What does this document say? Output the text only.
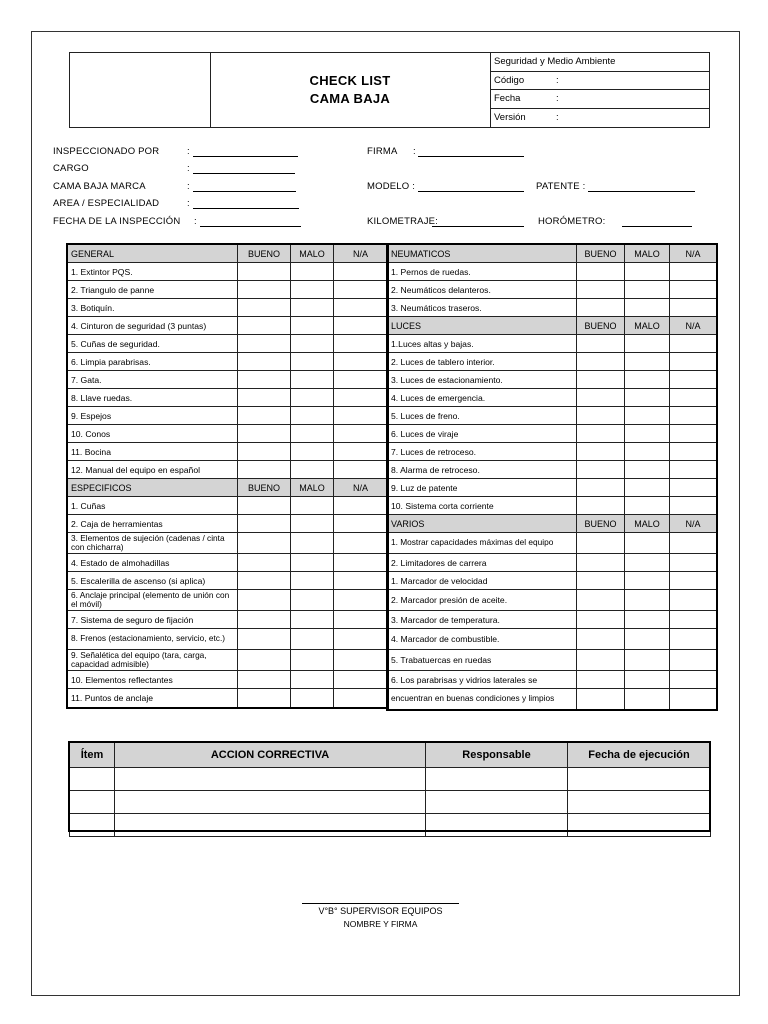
CHECK LIST
CAMA BAJA
Seguridad y Medio Ambiente
Código	:
Fecha	:
Versión	:
INSPECCIONADO POR	:
CARGO	:
CAMA BAJA MARCA	:
AREA / ESPECIALIDAD	:
FECHA DE LA INSPECCIÓN :
FIRMA :
MODELO :	PATENTE :
KILOMETRAJE:	HORÓMETRO:
GENERAL	BUENO	MALO	N/A
1. Extintor PQS.			
2. Triangulo de panne			
3. Botiquín.			
4. Cinturon de seguridad (3 puntas)			
5. Cuñas de seguridad.			
6. Limpia parabrisas.			
7. Gata.			
8. Llave ruedas.			
9. Espejos			
10. Conos			
11. Bocina			
12. Manual del equipo en español			
ESPECIFICOS	BUENO	MALO	N/A
1. Cuñas			
2. Caja de herramientas			
3. Elementos de sujeción (cadenas / cinta con chicharra)			
4. Estado de almohadillas			
5. Escalerilla de ascenso (si aplica)			
6. Anclaje principal (elemento de unión con el móvil)			
7. Sistema de seguro de fijación			
8. Frenos (estacionamiento, servicio, etc.)			
9. Señalética del equipo (tara, carga, capacidad admisible)			
10. Elementos reflectantes			
11. Puntos de anclaje			
NEUMATICOS	BUENO	MALO	N/A
1. Pernos de ruedas.			
2. Neumáticos delanteros.			
3. Neumáticos traseros.			
LUCES	BUENO	MALO	N/A
1.Luces altas y bajas.			
2. Luces de tablero interior.			
3. Luces de estacionamiento.			
4. Luces de emergencia.			
5. Luces de freno.			
6. Luces de viraje			
7. Luces de retroceso.			
8. Alarma de retroceso.			
9. Luz de patente			
10. Sistema corta corriente			
VARIOS	BUENO	MALO	N/A
1. Mostrar capacidades máximas del equipo			
2. Limitadores de carrera			
1. Marcador de velocidad			
2. Marcador presión de aceite.			
3. Marcador de temperatura.			
4. Marcador de combustible.			
5. Trabatuercas en ruedas			
6. Los parabrisas y vidrios laterales se			
encuentran en buenas condiciones y limpios			
Ítem	ACCION CORRECTIVA	Responsable	Fecha de ejecución

V°B° SUPERVISOR EQUIPOS
NOMBRE Y FIRMA
